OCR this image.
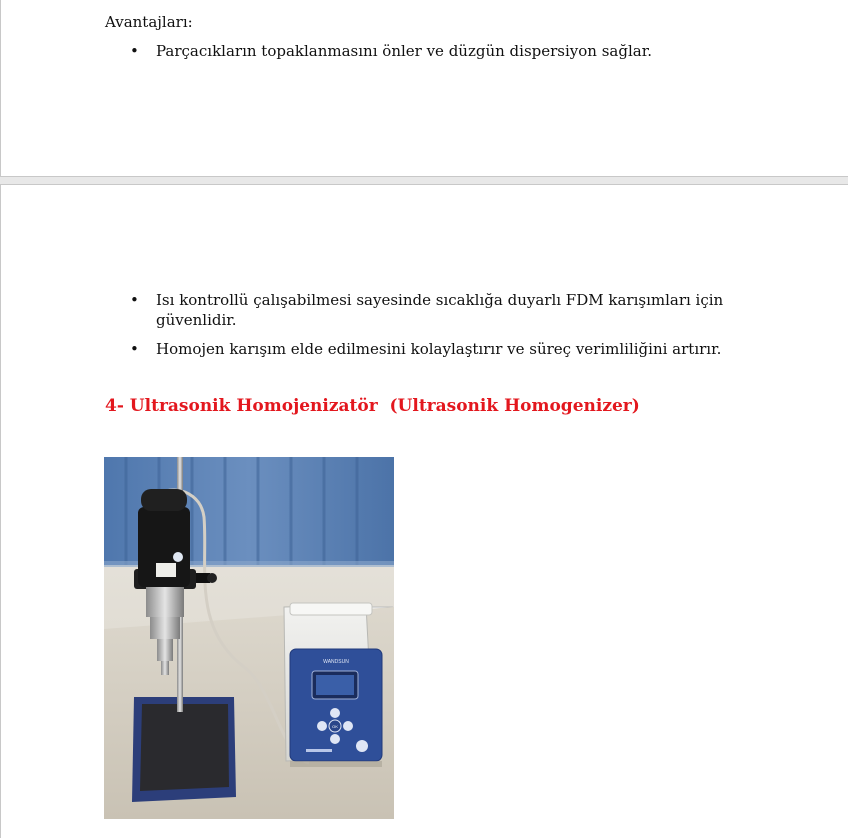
Avantajları:
• Parçacıkların topaklanmasını önler ve düzgün dispersiyon sağlar.
• Isı kontrollü çalışabilmesi sayesinde sıcaklığa duyarlı FDM karışımları için
güvenlidir.
• Homojen karışım elde edilmesini kolaylaştırır ve süreç verimliliğini artırır.
4- Ultrasonik Homojenizatör  (Ultrasonik Homogenizer)
WANDSUN
OK
